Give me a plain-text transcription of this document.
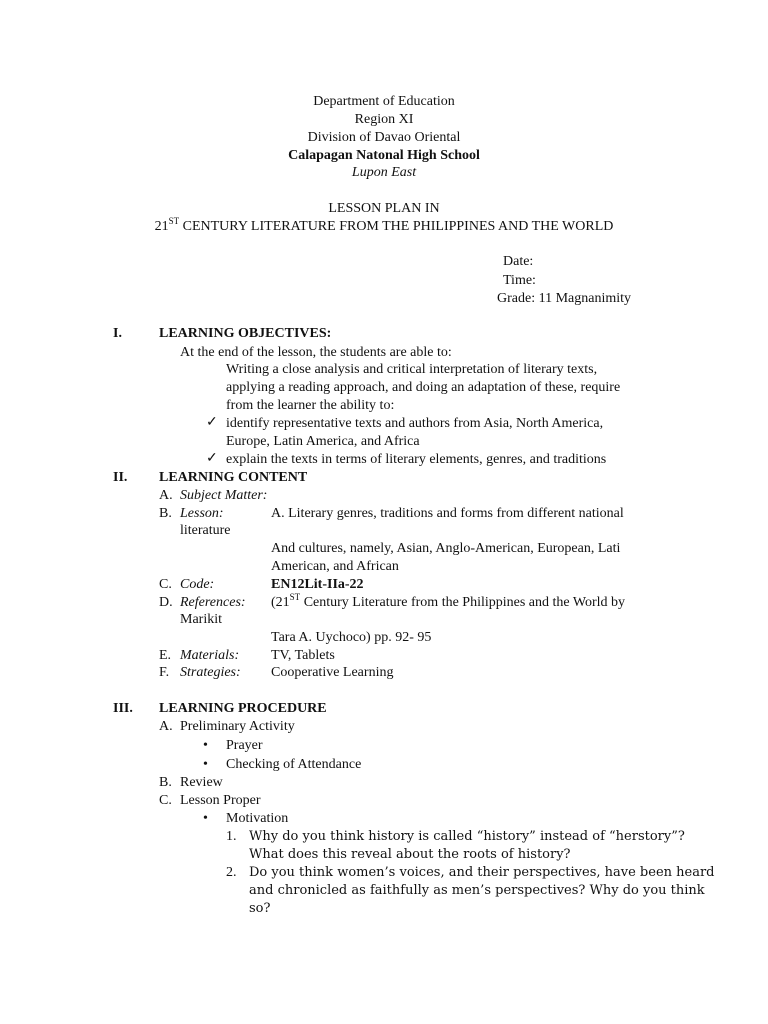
Department of Education
Region XI
Division of Davao Oriental
Calapagan Natonal High School
Lupon East
LESSON PLAN IN
21ST CENTURY LITERATURE FROM THE PHILIPPINES AND THE WORLD
Date:
Time:
Grade: 11 Magnanimity
I.	LEARNING OBJECTIVES:
At the end of the lesson, the students are able to:
Writing a close analysis and critical interpretation of literary texts,
applying a reading approach, and doing an adaptation of these, require
from the learner the ability to:
✓ identify representative texts and authors from Asia, North America,
Europe, Latin America, and Africa
✓ explain the texts in terms of literary elements, genres, and traditions
II. LEARNING CONTENT
A. Subject Matter:
B. Lesson:	A. Literary genres, traditions and forms from different national
literature
And cultures, namely, Asian, Anglo-American, European, Lati
American, and African
C. Code:	EN12Lit-IIa-22
D. References: (21ST Century Literature from the Philippines and the World by
Marikit
Tara A. Uychoco) pp. 92- 95
E. Materials: TV, Tablets
F. Strategies: Cooperative Learning
III. LEARNING PROCEDURE
A. Preliminary Activity
• Prayer
• Checking of Attendance
B. Review
C. Lesson Proper
• Motivation
1. Why do you think history is called “history” instead of “herstory”?
What does this reveal about the roots of history?
2. Do you think women’s voices, and their perspectives, have been heard
and chronicled as faithfully as men’s perspectives? Why do you think
so?
